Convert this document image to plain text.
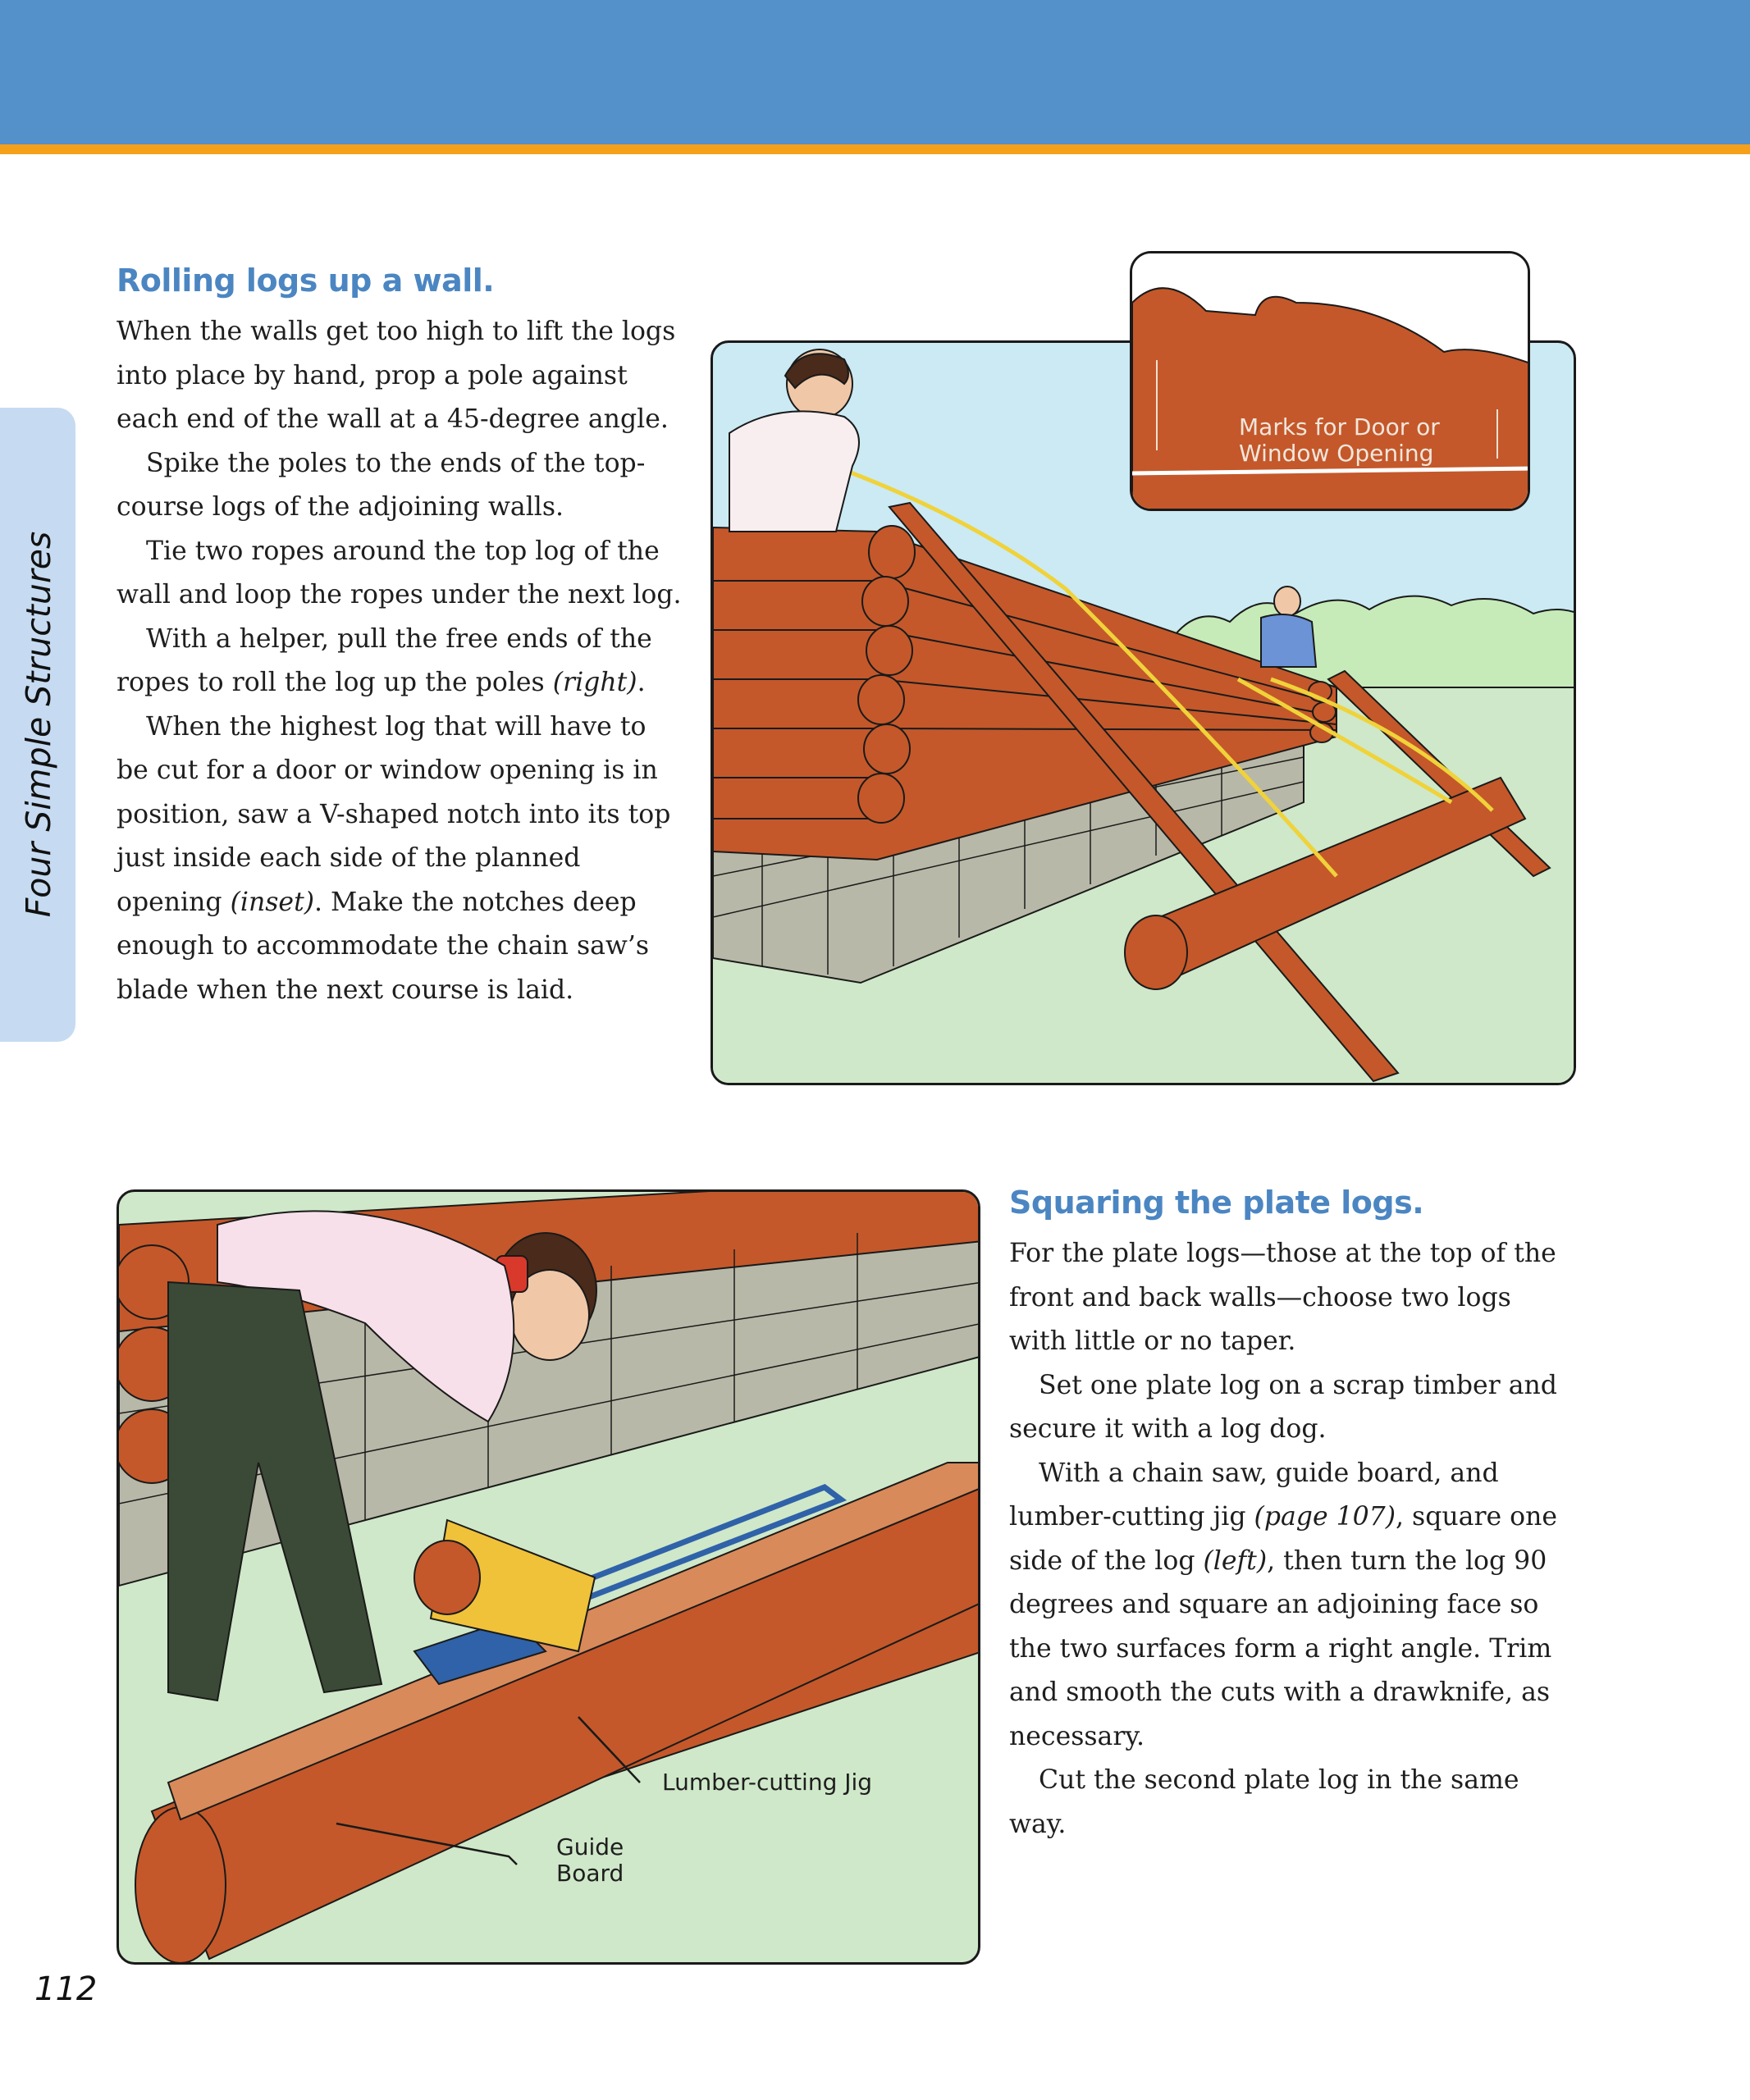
Four Simple Structures
Rolling logs up a wall.

When the walls get too high to lift the logs into place by hand, prop a pole against each end of the wall at a 45-degree angle.

Spike the poles to the ends of the top-course logs of the adjoining walls.

Tie two ropes around the top log of the wall and loop the ropes under the next log.

With a helper, pull the free ends of the ropes to roll the log up the poles (right).

When the highest log that will have to be cut for a door or window opening is in position, saw a V-shaped notch into its top just inside each side of the planned opening (inset). Make the notches deep enough to accommodate the chain saw’s blade when the next course is laid.

Marks for Door or
Window Opening
Lumber-cutting Jig
Guide
Board
Squaring the plate logs.

For the plate logs—those at the top of the front and back walls—choose two logs with little or no taper.

Set one plate log on a scrap timber and secure it with a log dog.

With a chain saw, guide board, and lumber-cutting jig (page 107), square one side of the log (left), then turn the log 90 degrees and square an adjoining face so the two surfaces form a right angle. Trim and smooth the cuts with a drawknife, as necessary.

Cut the second plate log in the same way.

112
